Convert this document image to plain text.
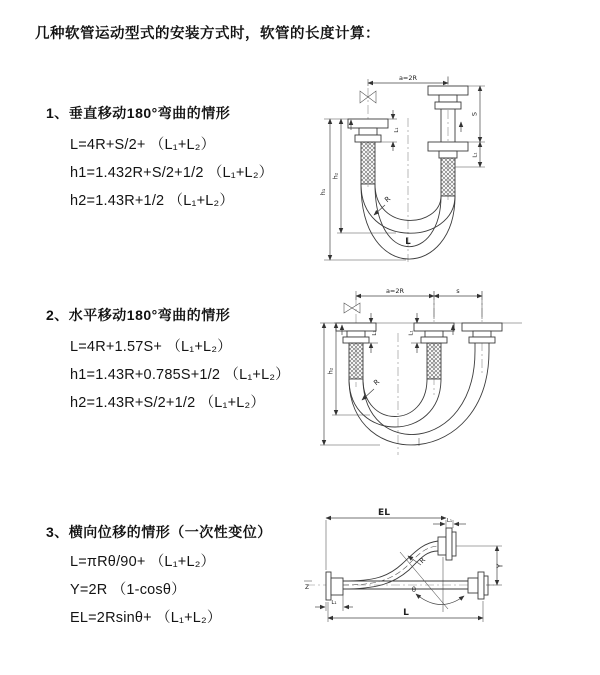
几种软管运动型式的安装方式时，软管的长度计算：
1、垂直移动180°弯曲的情形
L=4R+S/2+ （L₁+L₂）
h1=1.432R+S/2+1/2 （L₁+L₂）
h2=1.43R+1/2 （L₁+L₂）
2、水平移动180°弯曲的情形
L=4R+1.57S+ （L₁+L₂）
h1=1.43R+0.785S+1/2 （L₁+L₂）
h2=1.43R+S/2+1/2 （L₁+L₂）
3、横向位移的情形（一次性变位）
L=πRθ/90+ （L₁+L₂）
Y=2R （1-cosθ）
EL=2Rsinθ+ （L₁+L₂）
a=2R
h₁
h₂
L₁
S
L₁
R
L
a=2R	s
h₂
L₁	L₁
R
Z
EL
L₁
Y
θ
R
L₁
L
